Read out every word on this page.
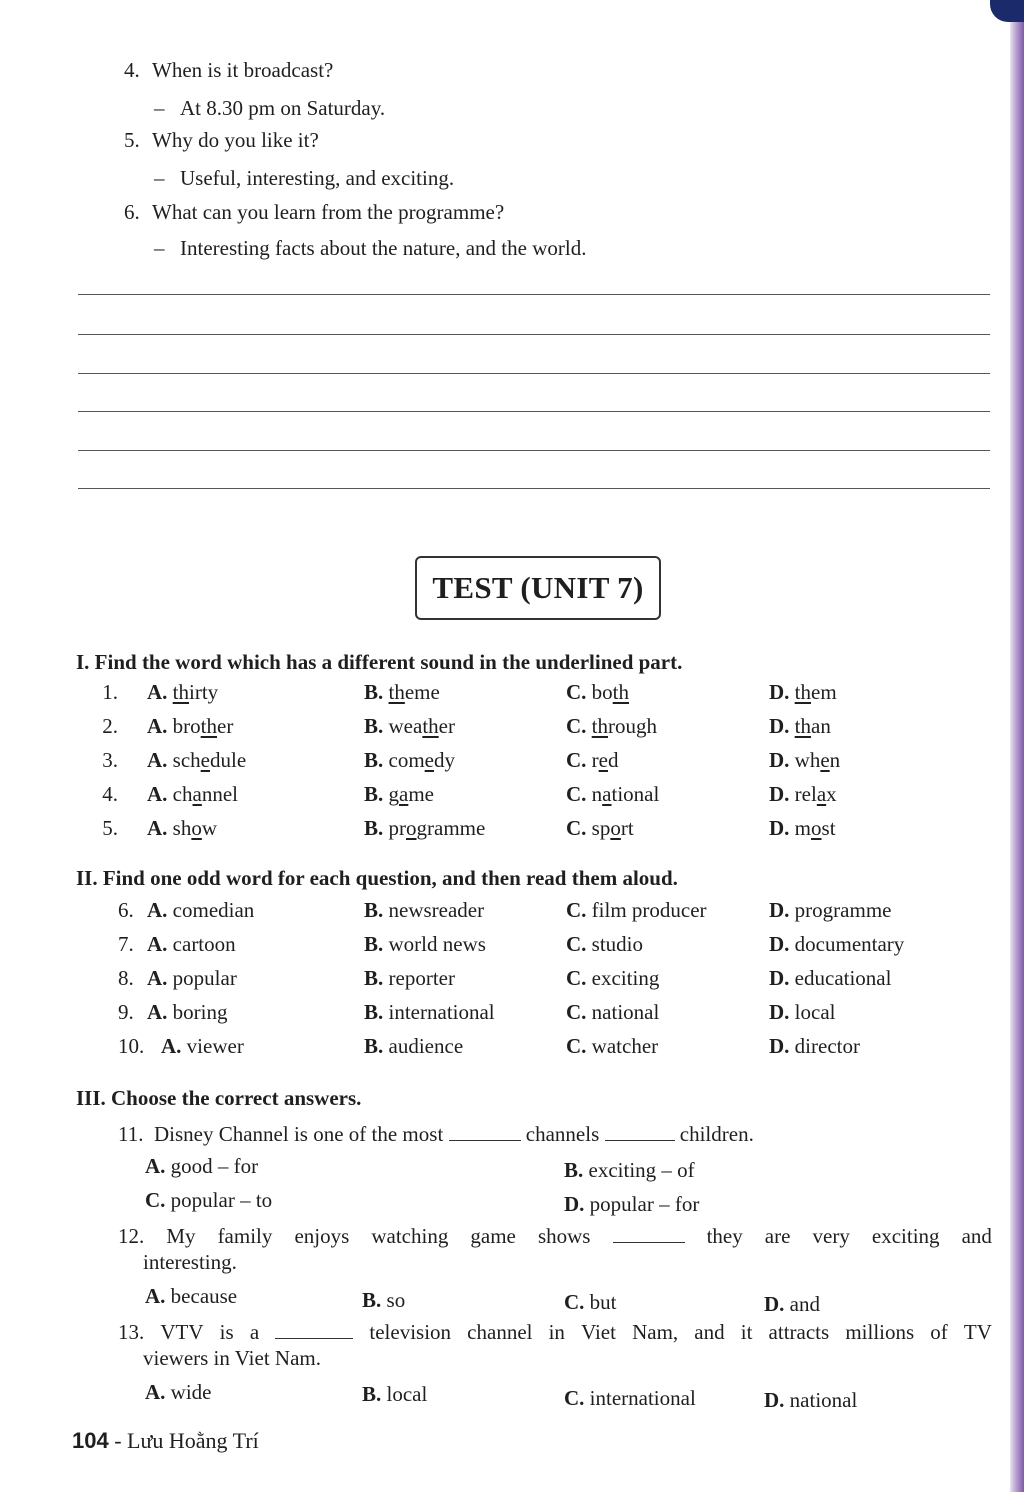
4. When is it broadcast?
– At 8.30 pm on Saturday.
5. Why do you like it?
– Useful, interesting, and exciting.
6. What can you learn from the programme?
– Interesting facts about the nature, and the world.
TEST (UNIT 7)
I. Find the word which has a different sound in the underlined part.
1. A. thirty	B. theme	C. both	D. them
2. A. brother	B. weather	C. through	D. than
3. A. schedule	B. comedy	C. red	D. when
4. A. channel	B. game	C. national	D. relax
5. A. show	B. programme	C. sport	D. most
II. Find one odd word for each question, and then read them aloud.
6. A. comedian	B. newsreader	C. film producer	D. programme
7. A. cartoon	B. world news	C. studio	D. documentary
8. A. popular	B. reporter	C. exciting	D. educational
9. A. boring	B. international	C. national	D. local
10. A. viewer	B. audience	C. watcher	D. director
III. Choose the correct answers.
11. Disney Channel is one of the most	channels	children.
A. good – for	B. exciting – of
C. popular – to	D. popular – for
12. My family enjoys watching game shows	they are very exciting and
interesting.
A. because	B. so	C. but	D. and
13. VTV is a	television channel in Viet Nam, and it attracts millions of TV
viewers in Viet Nam.
A. wide	B. local	C. international	D. national
104 - Lưu Hoằng Trí
